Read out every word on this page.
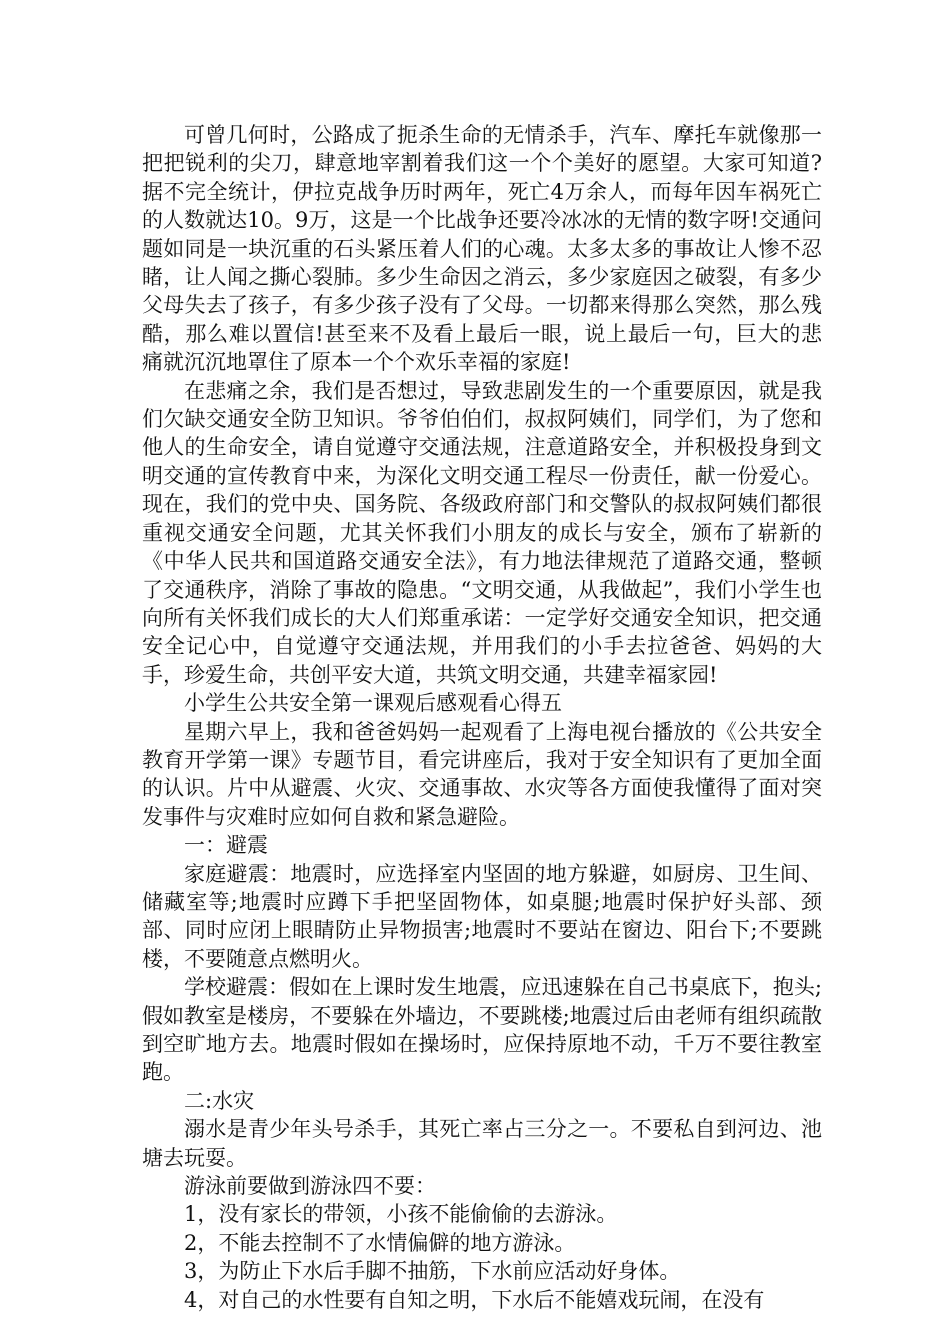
可曾几何时，公路成了扼杀生命的无情杀手，汽车、摩托车就像那一把把锐利的尖刀，肆意地宰割着我们这一个个美好的愿望。大家可知道?据不完全统计，伊拉克战争历时两年，死亡4万余人，而每年因车祸死亡的人数就达10。9万，这是一个比战争还要冷冰冰的无情的数字呀!交通问题如同是一块沉重的石头紧压着人们的心魂。太多太多的事故让人惨不忍睹，让人闻之撕心裂肺。多少生命因之消云，多少家庭因之破裂，有多少父母失去了孩子，有多少孩子没有了父母。一切都来得那么突然，那么残酷，那么难以置信!甚至来不及看上最后一眼，说上最后一句，巨大的悲痛就沉沉地罩住了原本一个个欢乐幸福的家庭!

在悲痛之余，我们是否想过，导致悲剧发生的一个重要原因，就是我们欠缺交通安全防卫知识。爷爷伯伯们，叔叔阿姨们，同学们，为了您和他人的生命安全，请自觉遵守交通法规，注意道路安全，并积极投身到文明交通的宣传教育中来，为深化文明交通工程尽一份责任，献一份爱心。现在，我们的党中央、国务院、各级政府部门和交警队的叔叔阿姨们都很重视交通安全问题，尤其关怀我们小朋友的成长与安全，颁布了崭新的《中华人民共和国道路交通安全法》，有力地法律规范了道路交通，整顿了交通秩序，消除了事故的隐患。“文明交通，从我做起”，我们小学生也向所有关怀我们成长的大人们郑重承诺：一定学好交通安全知识，把交通安全记心中，自觉遵守交通法规，并用我们的小手去拉爸爸、妈妈的大手，珍爱生命，共创平安大道，共筑文明交通，共建幸福家园!

小学生公共安全第一课观后感观看心得五

星期六早上，我和爸爸妈妈一起观看了上海电视台播放的《公共安全教育开学第一课》专题节目，看完讲座后，我对于安全知识有了更加全面的认识。片中从避震、火灾、交通事故、水灾等各方面使我懂得了面对突发事件与灾难时应如何自救和紧急避险。

一：避震

家庭避震：地震时，应选择室内坚固的地方躲避，如厨房、卫生间、储藏室等;地震时应蹲下手把坚固物体，如桌腿;地震时保护好头部、颈部、同时应闭上眼睛防止异物损害;地震时不要站在窗边、阳台下;不要跳楼，不要随意点燃明火。

学校避震：假如在上课时发生地震，应迅速躲在自己书桌底下，抱头;假如教室是楼房，不要躲在外墙边，不要跳楼;地震过后由老师有组织疏散到空旷地方去。地震时假如在操场时，应保持原地不动，千万不要往教室跑。

二:水灾

溺水是青少年头号杀手，其死亡率占三分之一。不要私自到河边、池塘去玩耍。

游泳前要做到游泳四不要：

1，没有家长的带领，小孩不能偷偷的去游泳。

2，不能去控制不了水情偏僻的地方游泳。

3，为防止下水后手脚不抽筋，下水前应活动好身体。

4，对自己的水性要有自知之明，下水后不能嬉戏玩闹，在没有
